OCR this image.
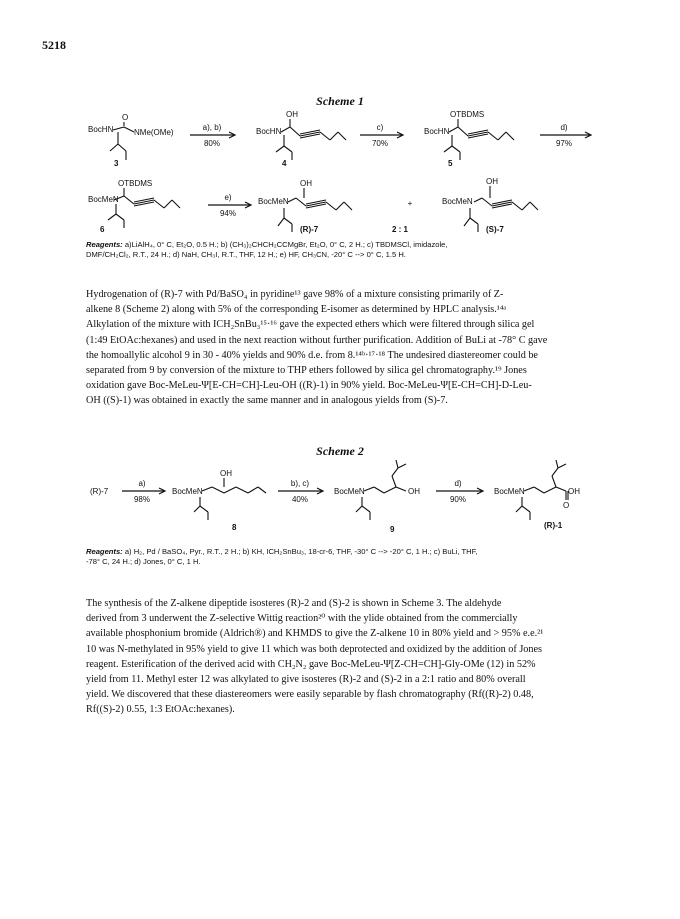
5218
Scheme 1
BocHN
O
NMe(OMe)
3
a), b)
80%
BocHN
OH
4
c)
70%
BocHN
OTBDMS
5
d)
97%
OTBDMS
BocMeN
6
e)
94%
OH
BocMeN
(R)-7
+
2 : 1
OH
BocMeN
(S)-7
Reagents: a)LiAlH₄, 0° C, Et₂O, 0.5 H.; b) (CH₃)₂CHCH₂CCMgBr, Et₂O, 0° C, 2 H.; c) TBDMSCl, imidazole,
DMF/CH₂Cl₂, R.T., 24 H.; d) NaH, CH₃I, R.T., THF, 12 H.; e) HF, CH₃CN, -20° C --> 0° C, 1.5 H.
Hydrogenation of (R)-7 with Pd/BaSO₄ in pyridine¹³ gave 98% of a mixture consisting primarily of Z-
alkene 8 (Scheme 2) along with 5% of the corresponding E-isomer as determined by HPLC analysis.¹⁴ᵃ
Alkylation of the mixture with ICH₂SnBu₃¹⁵·¹⁶ gave the expected ethers which were filtered through silica gel
(1:49 EtOAc:hexanes) and used in the next reaction without further purification. Addition of BuLi at -78° C gave
the homoallylic alcohol 9 in 30 - 40% yields and 90% d.e. from 8.¹⁴ᵇ·¹⁷·¹⁸ The undesired diastereomer could be
separated from 9 by conversion of the mixture to THP ethers followed by silica gel chromatography.¹⁹ Jones
oxidation gave Boc-MeLeu-Ψ[E-CH=CH]-Leu-OH ((R)-1) in 90% yield. Boc-MeLeu-Ψ[E-CH=CH]-D-Leu-
OH ((S)-1) was obtained in exactly the same manner and in analogous yields from (S)-7.
Scheme 2
(R)-7
a)
98%
BocMeN
OH
8
b), c)
40%
BocMeN	OH
9
d)
90%
BocMeN	OH
O
(R)-1
Reagents: a) H₂, Pd / BaSO₄, Pyr., R.T., 2 H.; b) KH, ICH₂SnBu₃, 18-cr-6, THF, -30° C --> -20° C, 1 H.; c) BuLi, THF,
-78° C, 24 H.; d) Jones, 0° C, 1 H.
The synthesis of the Z-alkene dipeptide isosteres (R)-2 and (S)-2 is shown in Scheme 3. The aldehyde
derived from 3 underwent the Z-selective Wittig reaction²⁰ with the ylide obtained from the commercially
available phosphonium bromide (Aldrich®) and KHMDS to give the Z-alkene 10 in 80% yield and > 95% e.e.²¹
10 was N-methylated in 95% yield to give 11 which was both deprotected and oxidized by the addition of Jones
reagent. Esterification of the derived acid with CH₂N₂ gave Boc-MeLeu-Ψ[Z-CH=CH]-Gly-OMe (12) in 52%
yield from 11. Methyl ester 12 was alkylated to give isosteres (R)-2 and (S)-2 in a 2:1 ratio and 80% overall
yield. We discovered that these diastereomers were easily separable by flash chromatography (Rf((R)-2) 0.48,
Rf((S)-2) 0.55, 1:3 EtOAc:hexanes).
